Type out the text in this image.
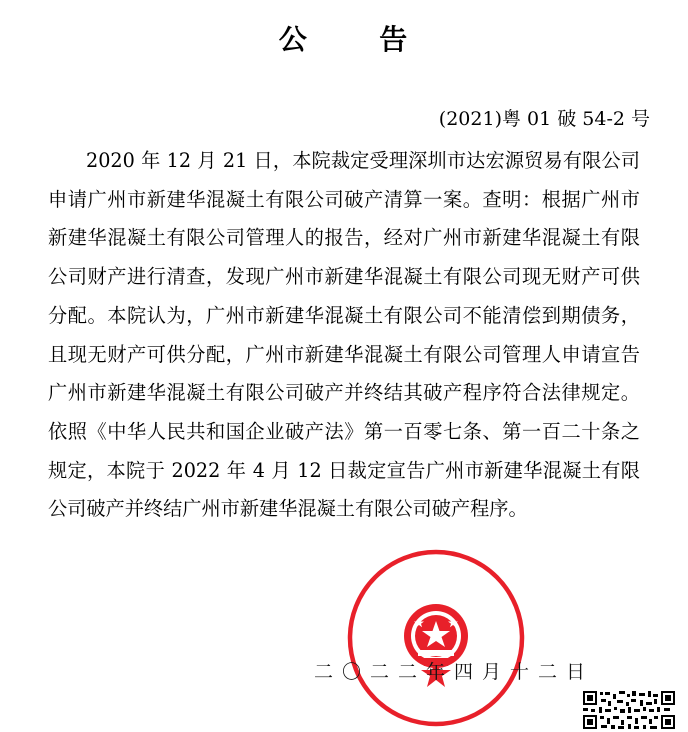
公      告
(2021)粤 01 破 54-2 号

2020 年 12 月 21 日，本院裁定受理深圳市达宏源贸易有限公司申请广州市新建华混凝土有限公司破产清算一案。查明：根据广州市新建华混凝土有限公司管理人的报告，经对广州市新建华混凝土有限公司财产进行清查，发现广州市新建华混凝土有限公司现无财产可供分配。本院认为，广州市新建华混凝土有限公司不能清偿到期债务，且现无财产可供分配，广州市新建华混凝土有限公司管理人申请宣告广州市新建华混凝土有限公司破产并终结其破产程序符合法律规定。依照《中华人民共和国企业破产法》第一百零七条、第一百二十条之规定，本院于 2022 年 4 月 12 日裁定宣告广州市新建华混凝土有限公司破产并终结广州市新建华混凝土有限公司破产程序。

二〇二二年四月十二日
